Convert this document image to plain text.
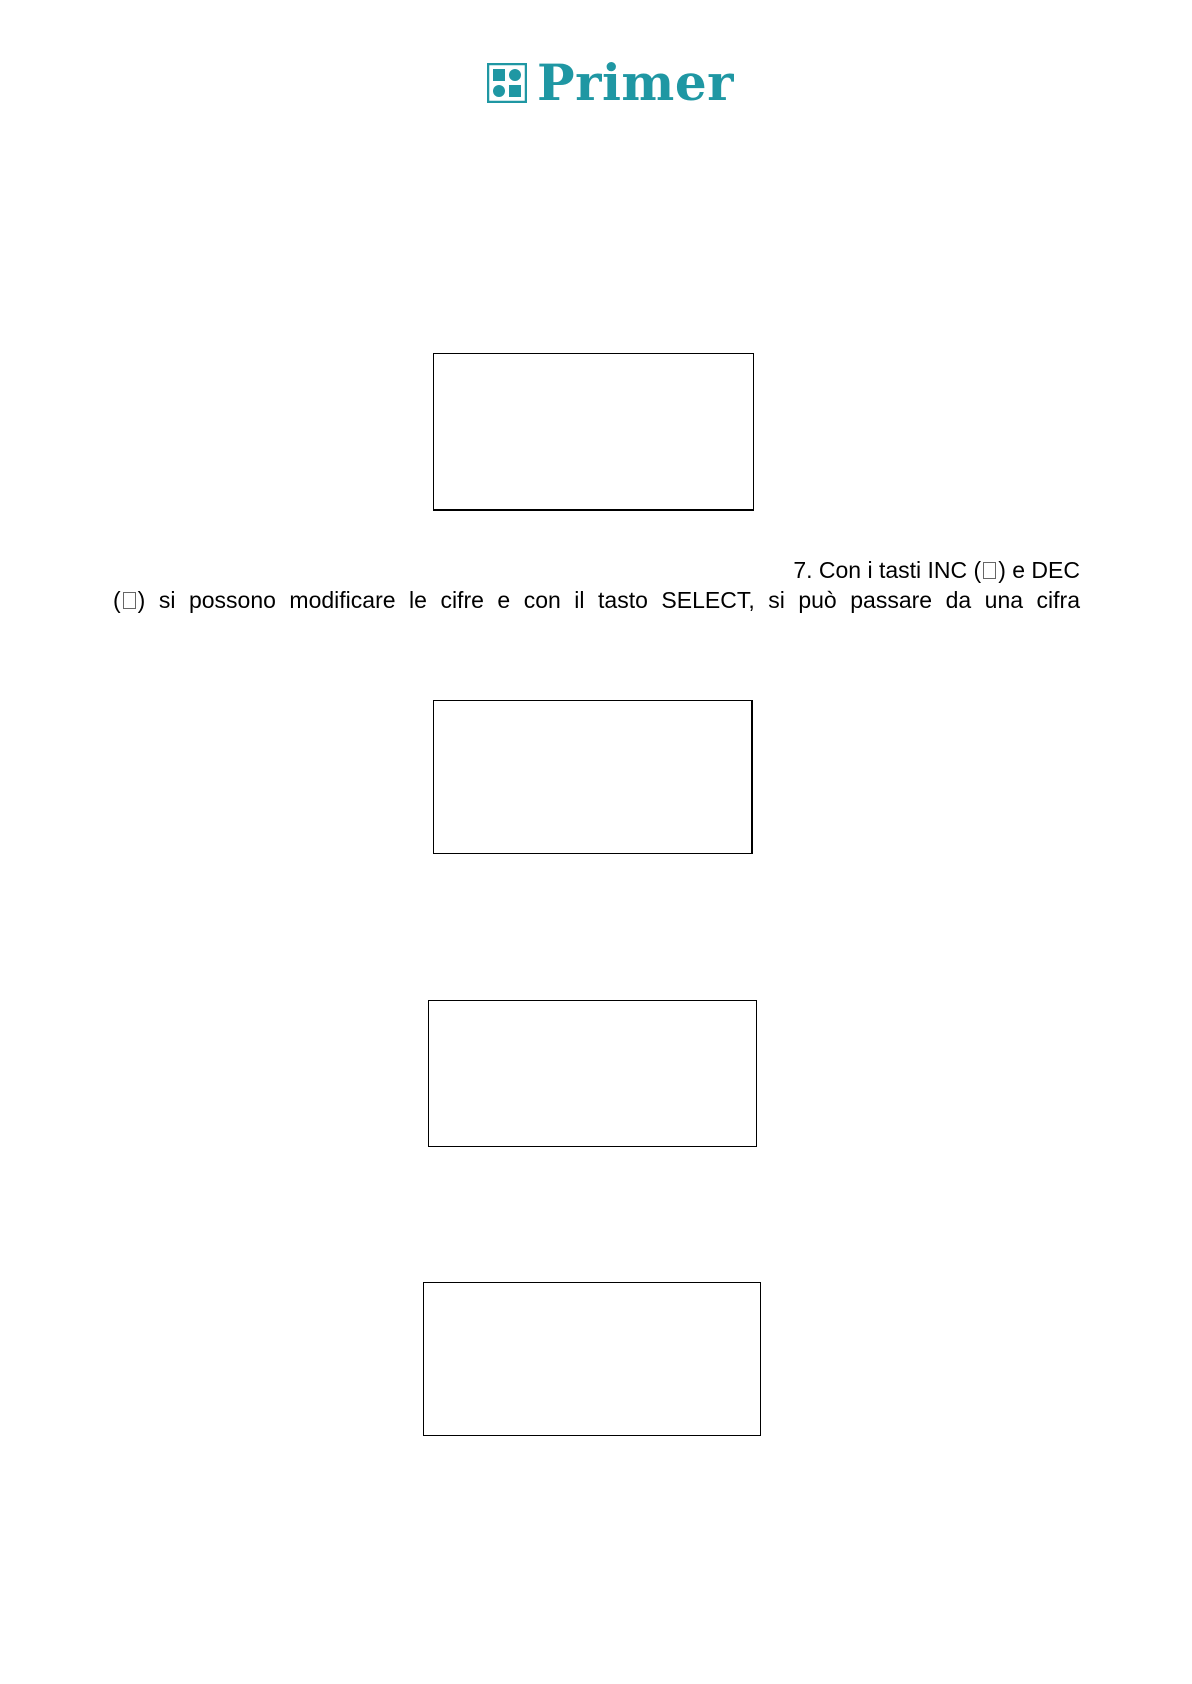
Primer
7. Con i tasti INC ( ) e DEC
( ) si possono modificare le cifre e con il tasto SELECT, si può passare da una cifra
